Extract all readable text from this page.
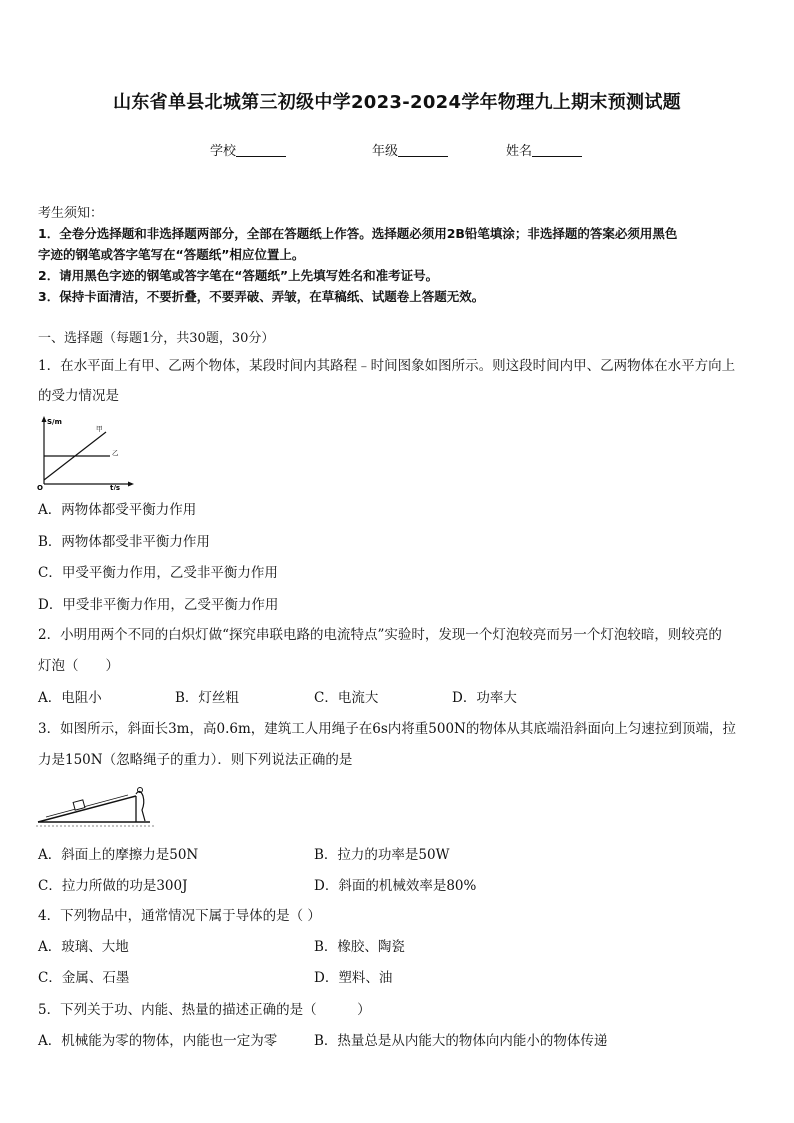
山东省单县北城第三初级中学2023-2024学年物理九上期末预测试题
学校	年级	姓名
考生须知：
1．全卷分选择题和非选择题两部分，全部在答题纸上作答。选择题必须用2B铅笔填涂；非选择题的答案必须用黑色
字迹的钢笔或答字笔写在“答题纸”相应位置上。
2．请用黑色字迹的钢笔或答字笔在“答题纸”上先填写姓名和准考证号。
3．保持卡面清洁，不要折叠，不要弄破、弄皱，在草稿纸、试题卷上答题无效。
一、选择题（每题1分，共30题，30分）
1．在水平面上有甲、乙两个物体，某段时间内其路程﹣时间图象如图所示。则这段时间内甲、乙两物体在水平方向上
的受力情况是
S/m
t/s
O
甲
乙
A．两物体都受平衡力作用
B．两物体都受非平衡力作用
C．甲受平衡力作用，乙受非平衡力作用
D．甲受非平衡力作用，乙受平衡力作用
2．小明用两个不同的白炽灯做“探究串联电路的电流特点”实验时，发现一个灯泡较亮而另一个灯泡较暗，则较亮的
灯泡（　　）
A．电阻小	B．灯丝粗	C．电流大	D．功率大
3．如图所示，斜面长3m，高0.6m，建筑工人用绳子在6s内将重500N的物体从其底端沿斜面向上匀速拉到顶端，拉
力是150N（忽略绳子的重力）．则下列说法正确的是
A．斜面上的摩擦力是50N	B．拉力的功率是50W
C．拉力所做的功是300J	D．斜面的机械效率是80%
4．下列物品中，通常情况下属于导体的是（ ）
A．玻璃、大地	B．橡胶、陶瓷
C．金属、石墨	D．塑料、油
5．下列关于功、内能、热量的描述正确的是（　　　）
A．机械能为零的物体，内能也一定为零	B．热量总是从内能大的物体向内能小的物体传递
